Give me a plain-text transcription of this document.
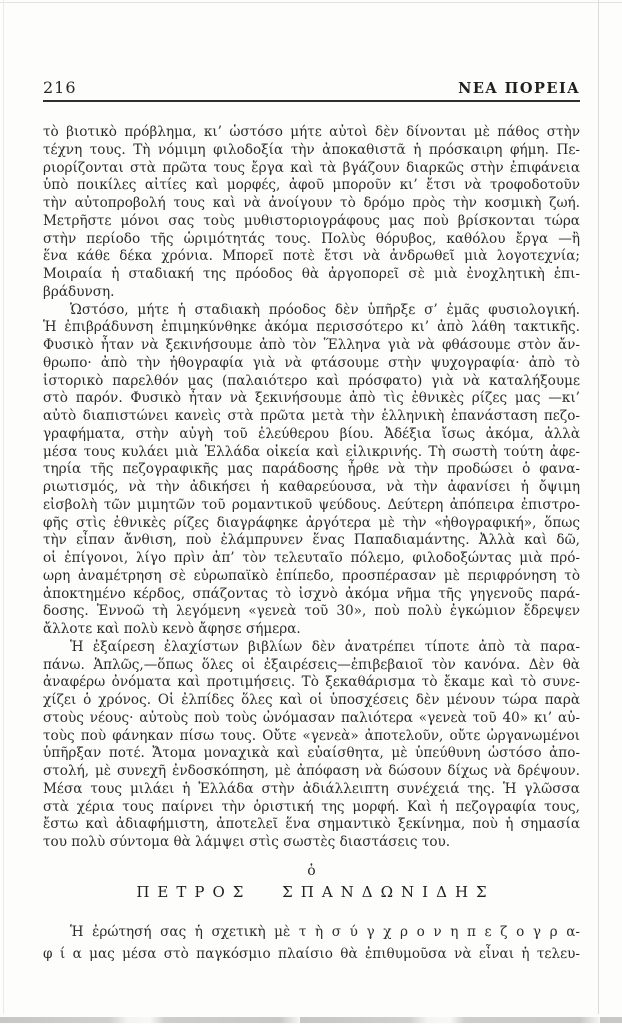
216	ΝΕΑ ΠΟΡΕΙΑ
τὸ βιοτικὸ πρόβλημα, κι’ ὡστόσο μήτε αὐτοὶ δὲν δίνονται μὲ πάθος στὴν
τέχνη τους. Τὴ νόμιμη φιλοδοξία τὴν ἀποκαθιστᾶ ἡ πρόσκαιρη φήμη. Πε-
ριορίζονται στὰ πρῶτα τους ἔργα καὶ τὰ βγάζουν διαρκῶς στὴν ἐπιφάνεια
ὑπὸ ποικίλες αἰτίες καὶ μορφές, ἀφοῦ μποροῦν κι’ ἔτσι νὰ τροφοδοτοῦν
τὴν αὐτοπροβολή τους καὶ νὰ ἀνοίγουν τὸ δρόμο πρὸς τὴν κοσμικὴ ζωή.
Μετρῆστε μόνοι σας τοὺς μυθιστοριογράφους μας ποὺ βρίσκονται τώρα
στὴν περίοδο τῆς ὡριμότητάς τους. Πολὺς θόρυβος, καθόλου ἔργα —ἢ
ἕνα κάθε δέκα χρόνια. Μπορεῖ ποτὲ ἔτσι νὰ ἀνδρωθεῖ μιὰ λογοτεχνία;
Μοιραία ἡ σταδιακή της πρόοδος θὰ ἀργοπορεῖ σὲ μιὰ ἐνοχλητικὴ ἐπι-
βράδυνση.
Ὡστόσο, μήτε ἡ σταδιακὴ πρόοδος δὲν ὑπῆρξε σ’ ἐμᾶς φυσιολογική.
Ἡ ἐπιβράδυνση ἐπιμηκύνθηκε ἀκόμα περισσότερο κι’ ἀπὸ λάθη τακτικῆς.
Φυσικὸ ἦταν νὰ ξεκινήσουμε ἀπὸ τὸν Ἕλληνα γιὰ νὰ φθάσουμε στὸν ἄν-
θρωπο· ἀπὸ τὴν ἠθογραφία γιὰ νὰ φτάσουμε στὴν ψυχογραφία· ἀπὸ τὸ
ἱστορικὸ παρελθόν μας (παλαιότερο καὶ πρόσφατο) γιὰ νὰ καταλήξουμε
στὸ παρόν. Φυσικὸ ἦταν νὰ ξεκινήσουμε ἀπὸ τὶς ἐθνικὲς ρίζες μας —κι’
αὐτὸ διαπιστώνει κανεὶς στὰ πρῶτα μετὰ τὴν ἑλληνικὴ ἐπανάσταση πεζο-
γραφήματα, στὴν αὐγὴ τοῦ ἐλεύθερου βίου. Ἀδέξια ἴσως ἀκόμα, ἀλλὰ
μέσα τους κυλάει μιὰ Ἑλλάδα οἰκεία καὶ εἰλικρινής. Τὴ σωστὴ τούτη ἀφε-
τηρία τῆς πεζογραφικῆς μας παράδοσης ἦρθε νὰ τὴν προδώσει ὁ φανα-
ριωτισμός, νὰ τὴν ἀδικήσει ἡ καθαρεύουσα, νὰ τὴν ἀφανίσει ἡ ὄψιμη
εἰσβολὴ τῶν μιμητῶν τοῦ ρομαντικοῦ ψεύδους. Δεύτερη ἀπόπειρα ἐπιστρο-
φῆς στὶς ἐθνικὲς ρίζες διαγράφηκε ἀργότερα μὲ τὴν «ἠθογραφική», ὅπως
τὴν εἶπαν ἄνθιση, ποὺ ἐλάμπρυνεν ἕνας Παπαδιαμάντης. Ἀλλὰ καὶ δῶ,
οἱ ἐπίγονοι, λίγο πρὶν ἀπ’ τὸν τελευταῖο πόλεμο, φιλοδοξώντας μιὰ πρό-
ωρη ἀναμέτρηση σὲ εὐρωπαϊκὸ ἐπίπεδο, προσπέρασαν μὲ περιφρόνηση τὸ
ἀποκτημένο κέρδος, σπάζοντας τὸ ἰσχνὸ ἀκόμα νῆμα τῆς γηγενοῦς παρά-
δοσης. Ἐννοῶ τὴ λεγόμενη «γενεὰ τοῦ 30», ποὺ πολὺ ἐγκώμιον ἔδρεψεν
ἄλλοτε καὶ πολὺ κενὸ ἄφησε σήμερα.
Ἡ ἐξαίρεση ἐλαχίστων βιβλίων δὲν ἀνατρέπει τίποτε ἀπὸ τὰ παρα-
πάνω. Ἁπλῶς,—ὅπως ὅλες οἱ ἐξαιρέσεις—ἐπιβεβαιοῖ τὸν κανόνα. Δὲν θὰ
ἀναφέρω ὀνόματα καὶ προτιμήσεις. Τὸ ξεκαθάρισμα τὸ ἔκαμε καὶ τὸ συνε-
χίζει ὁ χρόνος. Οἱ ἐλπίδες ὅλες καὶ οἱ ὑποσχέσεις δὲν μένουν τώρα παρὰ
στοὺς νέους· αὐτοὺς ποὺ τοὺς ὠνόμασαν παλιότερα «γενεὰ τοῦ 40» κι’ αὐ-
τοὺς ποὺ φάνηκαν πίσω τους. Οὔτε «γενεὰ» ἀποτελοῦν, οὔτε ὠργανωμένοι
ὑπῆρξαν ποτέ. Ἄτομα μοναχικὰ καὶ εὐαίσθητα, μὲ ὑπεύθυνη ὡστόσο ἀπο-
στολή, μὲ συνεχῆ ἐνδοσκόπηση, μὲ ἀπόφαση νὰ δώσουν δίχως νὰ δρέψουν.
Μέσα τους μιλάει ἡ Ἑλλάδα στὴν ἀδιάλλειπτη συνέχειά της. Ἡ γλῶσσα
στὰ χέρια τους παίρνει τὴν ὁριστική της μορφή. Καὶ ἡ πεζογραφία τους,
ἔστω καὶ ἀδιαφήμιστη, ἀποτελεῖ ἕνα σημαντικὸ ξεκίνημα, ποὺ ἡ σημασία
του πολὺ σύντομα θὰ λάμψει στὶς σωστὲς διαστάσεις του.
ὁ
ΠΕΤΡΟΣ ΣΠΑΝΔΩΝΙΔΗΣ
Ἡ ἐρώτησή σας ἡ σχετικὴ μὲ τ ὴ σ ύ γ χ ρ ο ν η π ε ζ ο γ ρ α-
φ ί α μας μέσα στὸ παγκόσμιο πλαίσιο θὰ ἐπιθυμοῦσα νὰ εἶναι ἡ τελευ-
